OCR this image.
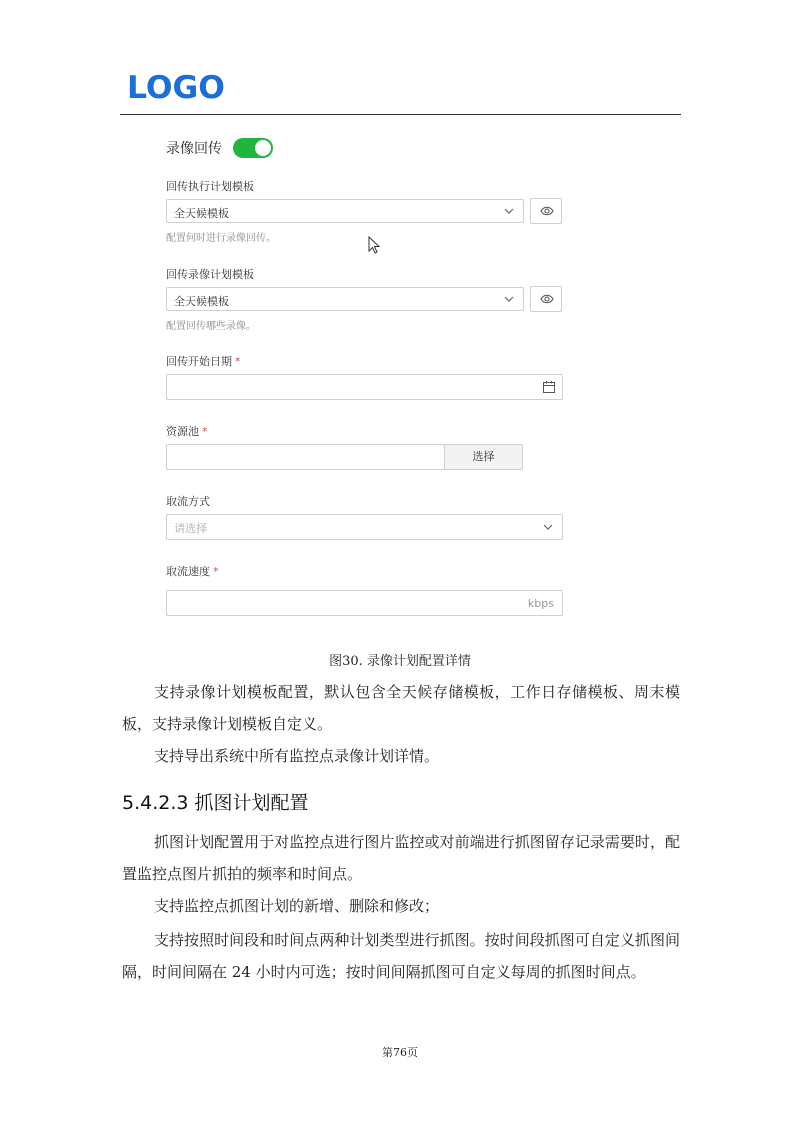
LOGO
录像回传
回传执行计划模板
全天候模板
配置何时进行录像回传。
回传录像计划模板
全天候模板
配置回传哪些录像。
回传开始日期 *
资源池 *
选择
取流方式
请选择
取流速度 *
kbps
图30. 录像计划配置详情
支持录像计划模板配置，默认包含全天候存储模板，工作日存储模板、周末模板，支持录像计划模板自定义。
支持导出系统中所有监控点录像计划详情。
5.4.2.3 抓图计划配置
抓图计划配置用于对监控点进行图片监控或对前端进行抓图留存记录需要时，配置监控点图片抓拍的频率和时间点。
支持监控点抓图计划的新增、删除和修改；
支持按照时间段和时间点两种计划类型进行抓图。按时间段抓图可自定义抓图间隔，时间间隔在 24 小时内可选；按时间间隔抓图可自定义每周的抓图时间点。
第76页
